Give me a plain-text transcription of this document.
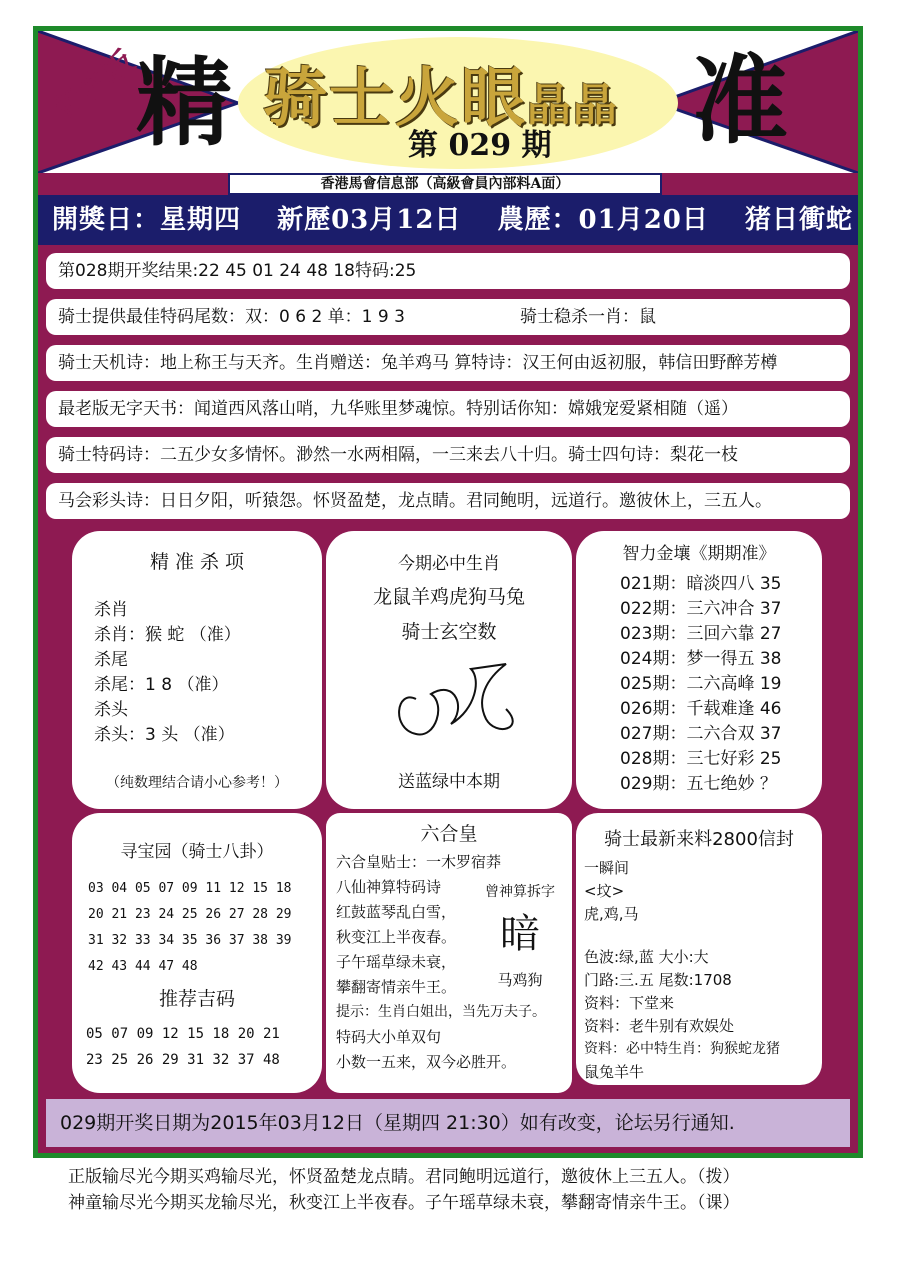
权威版
精 骑士火眼晶晶
第 029 期 准
香港馬會信息部（高級會員內部料A面）
開獎日：星期四 新歷03月12日 農歷：01月20日 猪日衝蛇
第028期开奖结果:22 45 01 24 48 18特码:25
骑士提供最佳特码尾数：双：0 6 2 单：1 9 3	骑士稳杀一肖：鼠
骑士天机诗：地上称王与天齐。生肖赠送：兔羊鸡马 算特诗：汉王何由返初服，韩信田野醉芳樽
最老版无字天书：闻道西风落山哨，九华账里梦魂惊。特别话你知：嫦娥宠爱紧相随（遥）
骑士特码诗：二五少女多情怀。渺然一水两相隔，一三来去八十归。骑士四句诗：梨花一枝
马会彩头诗：日日夕阳，听猿怨。怀贤盈楚，龙点睛。君同鲍明，远道行。邀彼休上，三五人。
精 准 杀 项
杀肖
杀肖：猴 蛇 （准）
杀尾
杀尾：1 8 （准）
杀头
杀头：3 头 （准）
（纯数理结合请小心参考！）
今期必中生肖
龙鼠羊鸡虎狗马兔
骑士玄空数
送蓝绿中本期
智力金壤《期期准》
021期：暗淡四八 35
022期：三六冲合 37
023期：三回六靠 27
024期：梦一得五 38
025期：二六高峰 19
026期：千载难逢 46
027期：二六合双 37
028期：三七好彩 25
029期：五七绝妙 ？
寻宝园（骑士八卦）
03 04 05 07 09 11 12 15 18
20 21 23 24 25 26 27 28 29
31 32 33 34 35 36 37 38 39
42 43 44 47 48
推荐吉码
05 07 09 12 15 18 20 21
23 25 26 29 31 32 37 48
六合皇
六合皇贴士：一木罗宿莽
八仙神算特码诗
红鼓蓝琴乱白雪，
秋变江上半夜春。
子午瑶草绿未衰，
攀翻寄情亲牛王。
提示：生肖白姐出，当先万夫子。
特码大小单双句
小数一五来，双今必胜开。
曾神算拆字
暗
马鸡狗
骑士最新来料2800信封
一瞬间
<坟>
虎,鸡,马
色波:绿,蓝 大小:大
门路:三.五 尾数:1708
资料：下堂来
资料：老牛别有欢娱处
资料：必中特生肖：狗猴蛇龙猪
鼠兔羊牛
029期开奖日期为2015年03月12日（星期四 21:30）如有改变，论坛另行通知.
正版输尽光今期买鸡输尽光，怀贤盈楚龙点睛。君同鲍明远道行，邀彼休上三五人。（拨）
神童输尽光今期买龙输尽光，秋变江上半夜春。子午瑶草绿未衰，攀翻寄情亲牛王。（课）
